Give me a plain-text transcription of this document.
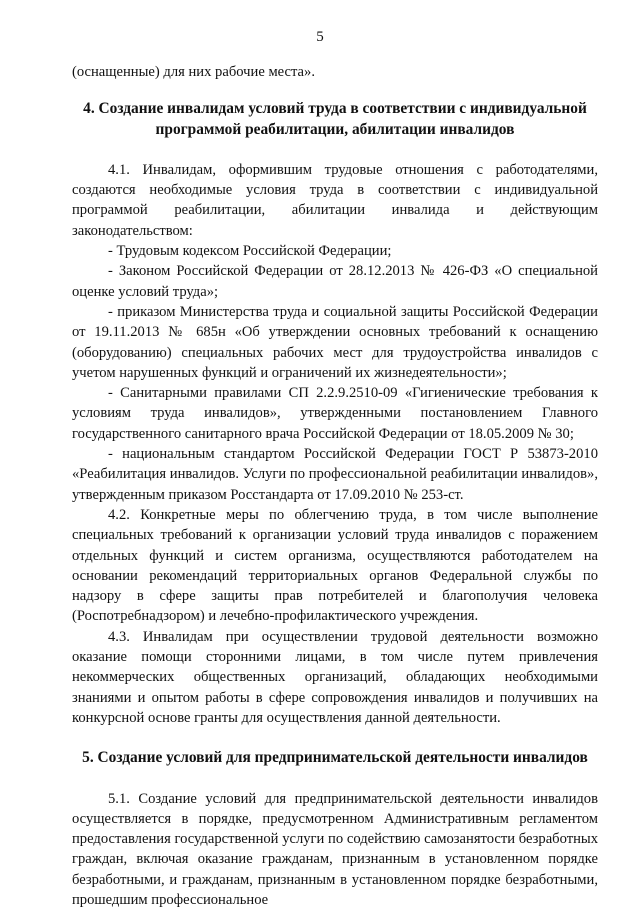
5

(оснащенные) для них рабочие места».

4. Создание инвалидам условий труда в соответствии с индивидуальной программой реабилитации, абилитации инвалидов

4.1. Инвалидам, оформившим трудовые отношения с работодателями, создаются необходимые условия труда в соответствии с индивидуальной программой реабилитации, абилитации инвалида и действующим законодательством:

- Трудовым кодексом Российской Федерации;

- Законом Российской Федерации от 28.12.2013 № 426-ФЗ «О специальной оценке условий труда»;

- приказом Министерства труда и социальной защиты Российской Федерации от 19.11.2013 № 685н «Об утверждении основных требований к оснащению (оборудованию) специальных рабочих мест для трудоустройства инвалидов с учетом нарушенных функций и ограничений их жизнедеятельности»;

- Санитарными правилами СП 2.2.9.2510-09 «Гигиенические требования к условиям труда инвалидов», утвержденными постановлением Главного государственного санитарного врача Российской Федерации от 18.05.2009 № 30;

- национальным стандартом Российской Федерации ГОСТ Р 53873-2010 «Реабилитация инвалидов. Услуги по профессиональной реабилитации инвалидов», утвержденным приказом Росстандарта от 17.09.2010 № 253-ст.

4.2. Конкретные меры по облегчению труда, в том числе выполнение специальных требований к организации условий труда инвалидов с поражением отдельных функций и систем организма, осуществляются работодателем на основании рекомендаций территориальных органов Федеральной службы по надзору в сфере защиты прав потребителей и благополучия человека (Роспотребнадзором) и лечебно-профилактического учреждения.

4.3. Инвалидам при осуществлении трудовой деятельности возможно оказание помощи сторонними лицами, в том числе путем привлечения некоммерческих общественных организаций, обладающих необходимыми знаниями и опытом работы в сфере сопровождения инвалидов и получивших на конкурсной основе гранты для осуществления данной деятельности.

5. Создание условий для предпринимательской деятельности инвалидов

5.1. Создание условий для предпринимательской деятельности инвалидов осуществляется в порядке, предусмотренном Административным регламентом предоставления государственной услуги по содействию самозанятости безработных граждан, включая оказание гражданам, признанным в установленном порядке безработными, и гражданам, признанным в установленном порядке безработными, прошедшим профессиональное
